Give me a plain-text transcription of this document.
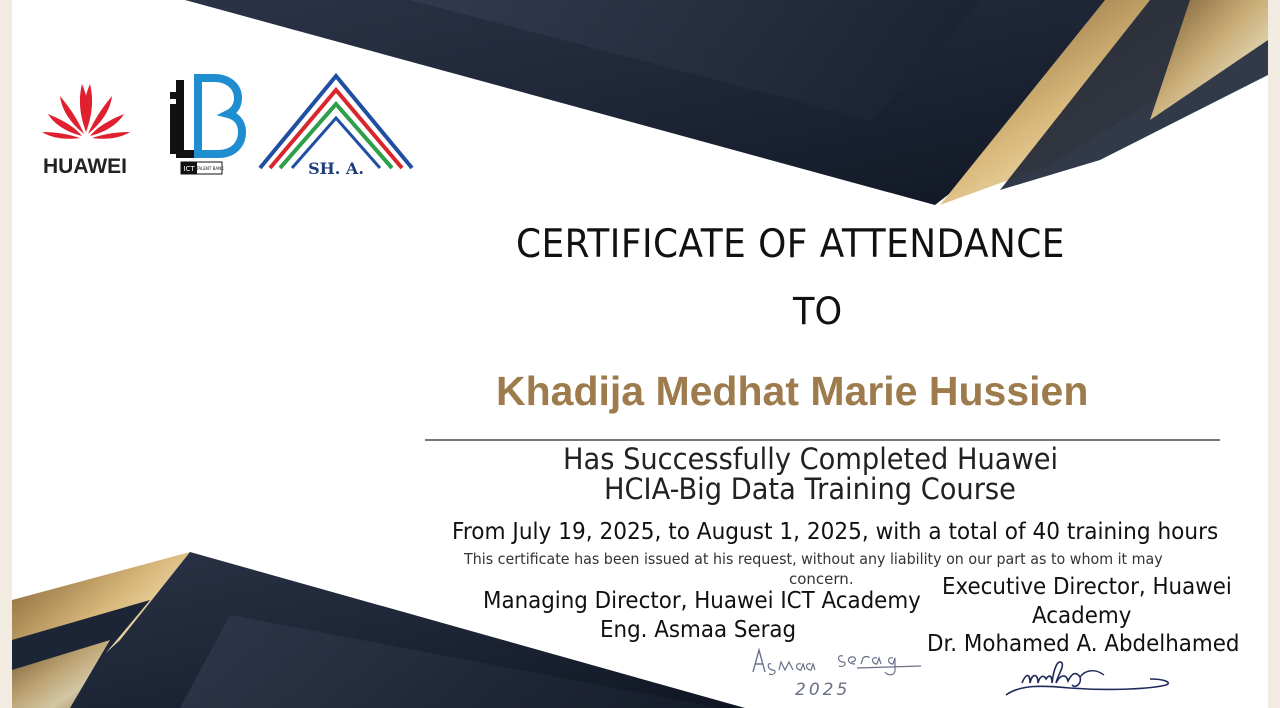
HUAWEI	ICT TALENT BANK	SH. A.
CERTIFICATE OF ATTENDANCE
TO
Khadija Medhat Marie Hussien
Has Successfully Completed Huawei
HCIA-Big Data Training Course
From July 19, 2025, to August 1, 2025, with a total of 40 training hours
This certificate has been issued at his request, without any liability on our part as to whom it may
concern.
Managing Director, Huawei ICT Academy
Eng. Asmaa Serag
Executive Director, Huawei
Academy
Dr. Mohamed A. Abdelhamed
2025
